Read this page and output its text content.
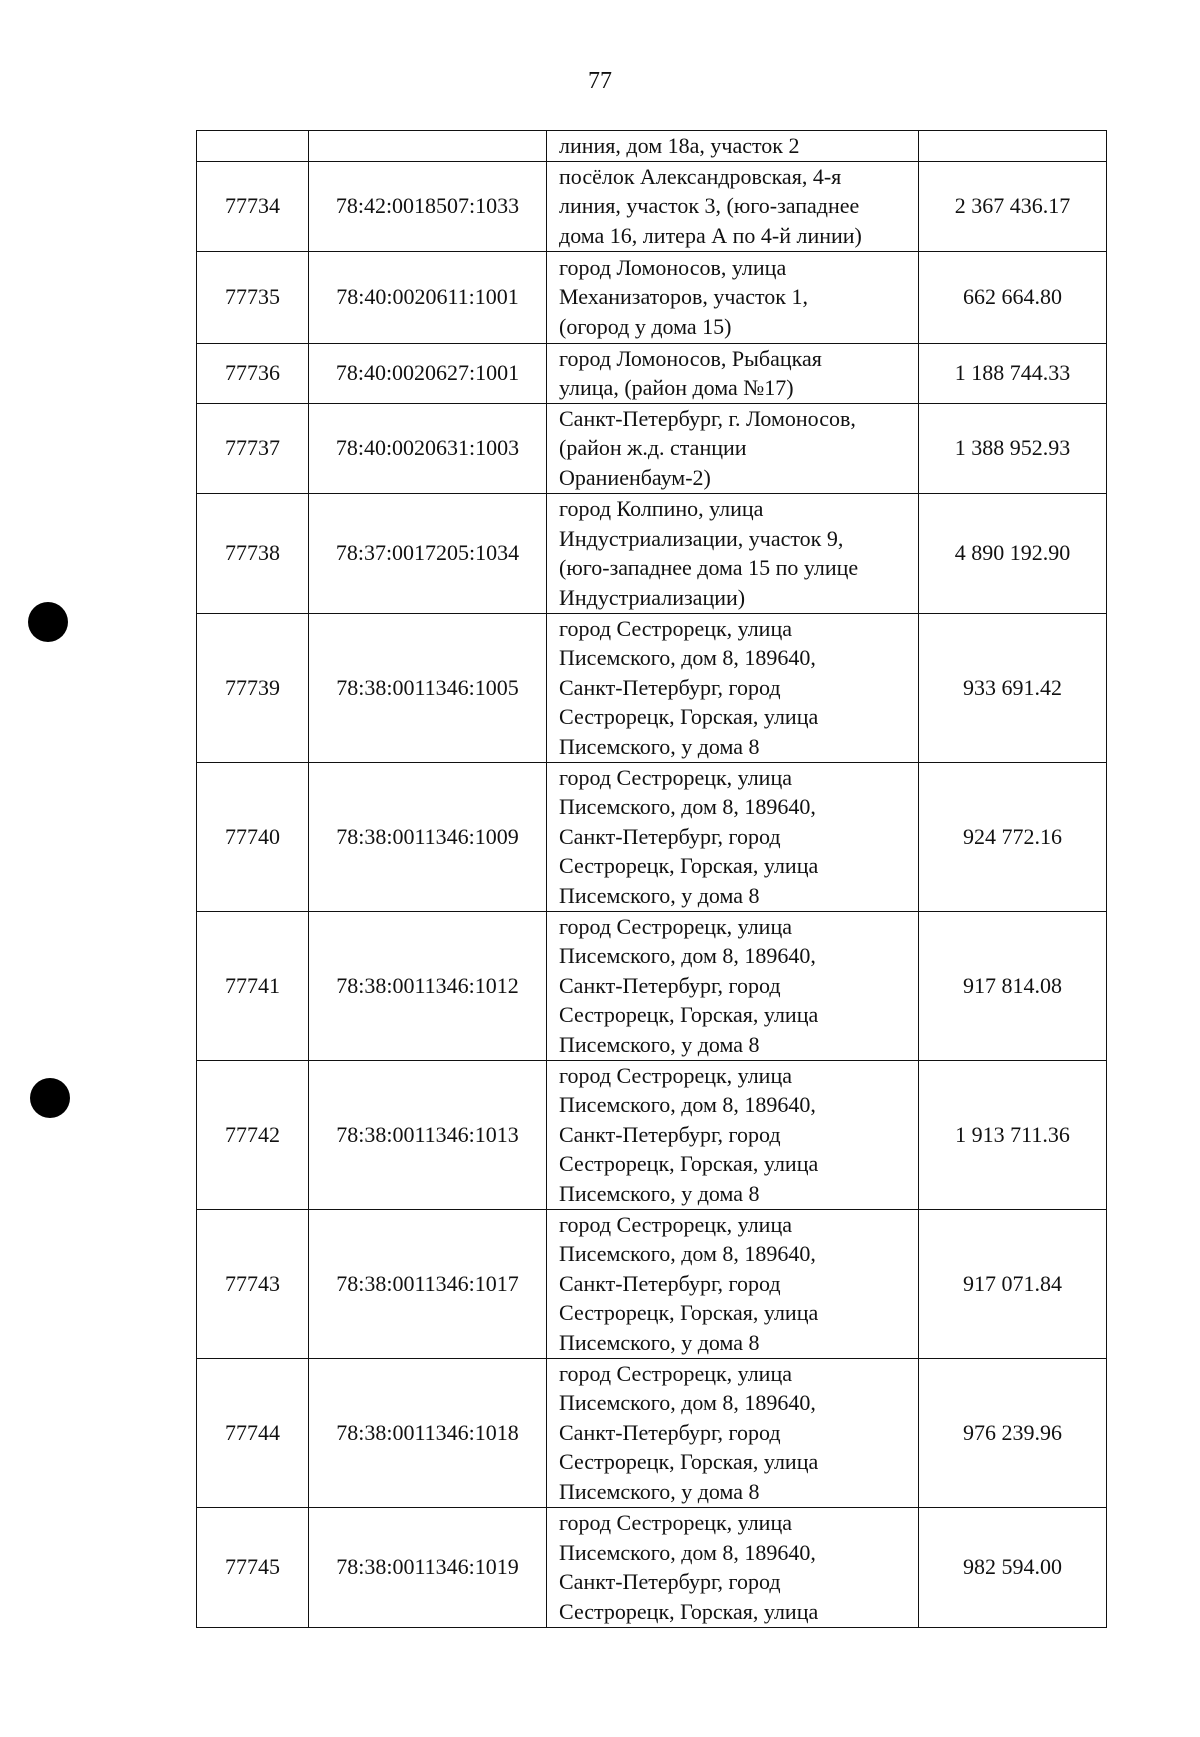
77
		линия, дом 18а, участок 2	
77734	78:42:0018507:1033	посёлок Александровская, 4-я
линия, участок 3, (юго-западнее
дома 16, литера А по 4-й линии)	2 367 436.17
77735	78:40:0020611:1001	город Ломоносов, улица
Механизаторов, участок 1,
(огород у дома 15)	662 664.80
77736	78:40:0020627:1001	город Ломоносов, Рыбацкая
улица, (район дома №17)	1 188 744.33
77737	78:40:0020631:1003	Санкт-Петербург, г. Ломоносов,
(район ж.д. станции
Ораниенбаум-2)	1 388 952.93
77738	78:37:0017205:1034	город Колпино, улица
Индустриализации, участок 9,
(юго-западнее дома 15 по улице
Индустриализации)	4 890 192.90
77739	78:38:0011346:1005	город Сестрорецк, улица
Писемского, дом 8, 189640,
Санкт-Петербург, город
Сестрорецк, Горская, улица
Писемского, у дома 8	933 691.42
77740	78:38:0011346:1009	город Сестрорецк, улица
Писемского, дом 8, 189640,
Санкт-Петербург, город
Сестрорецк, Горская, улица
Писемского, у дома 8	924 772.16
77741	78:38:0011346:1012	город Сестрорецк, улица
Писемского, дом 8, 189640,
Санкт-Петербург, город
Сестрорецк, Горская, улица
Писемского, у дома 8	917 814.08
77742	78:38:0011346:1013	город Сестрорецк, улица
Писемского, дом 8, 189640,
Санкт-Петербург, город
Сестрорецк, Горская, улица
Писемского, у дома 8	1 913 711.36
77743	78:38:0011346:1017	город Сестрорецк, улица
Писемского, дом 8, 189640,
Санкт-Петербург, город
Сестрорецк, Горская, улица
Писемского, у дома 8	917 071.84
77744	78:38:0011346:1018	город Сестрорецк, улица
Писемского, дом 8, 189640,
Санкт-Петербург, город
Сестрорецк, Горская, улица
Писемского, у дома 8	976 239.96
77745	78:38:0011346:1019	город Сестрорецк, улица
Писемского, дом 8, 189640,
Санкт-Петербург, город
Сестрорецк, Горская, улица	982 594.00
